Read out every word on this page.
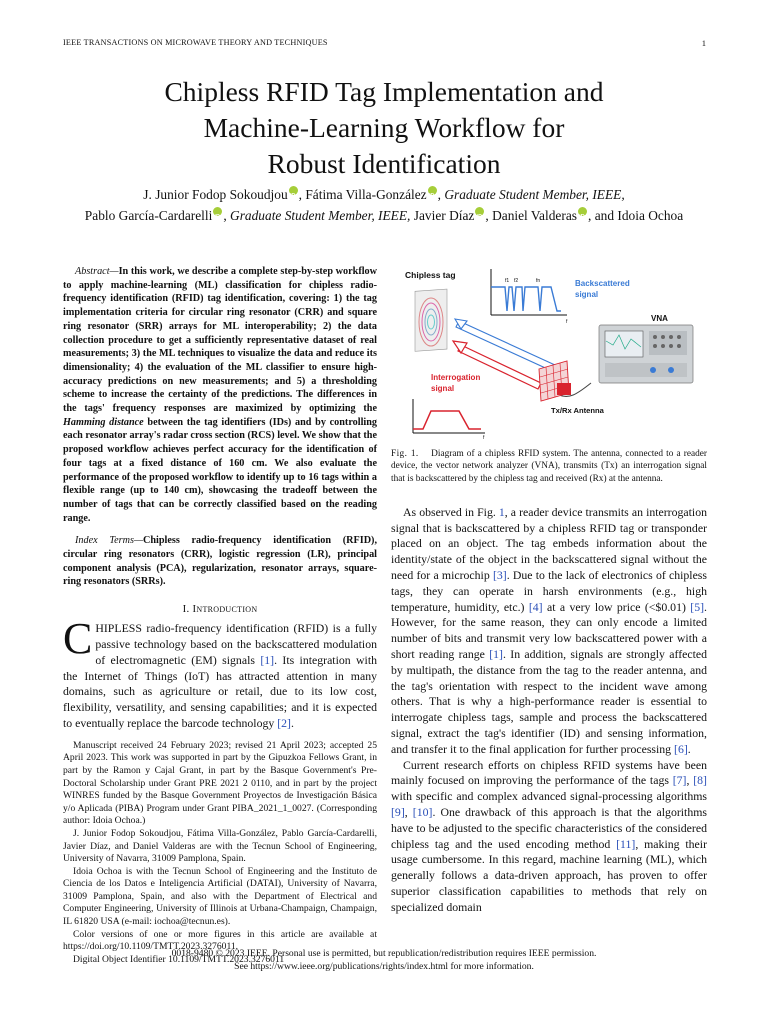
IEEE TRANSACTIONS ON MICROWAVE THEORY AND TECHNIQUES	1
Chipless RFID Tag Implementation and
Machine-Learning Workflow for
Robust Identification
J. Junior Fodop Sokoudjou iD , Fátima Villa-González iD , Graduate Student Member, IEEE,
Pablo García-Cardarelli iD , Graduate Student Member, IEEE, Javier Díaz iD , Daniel Valderas iD , and Idoia Ochoa

Abstract—In this work, we describe a complete step-by-step workflow to apply machine-learning (ML) classification for chipless radio-frequency identification (RFID) tag identification, covering: 1) the tag implementation criteria for circular ring resonator (CRR) and square ring resonator (SRR) arrays for ML interoperability; 2) the data collection procedure to get a sufficiently representative dataset of real measurements; 3) the ML techniques to visualize the data and reduce its dimensionality; 4) the evaluation of the ML classifier to ensure high-accuracy predictions on new measurements; and 5) a thresholding scheme to increase the certainty of the predictions. The differences in the tags' frequency responses are maximized by optimizing the Hamming distance between the tag identifiers (IDs) and by controlling each resonator array's radar cross section (RCS) level. We show that the proposed workflow achieves perfect accuracy for the identification of four tags at a fixed distance of 160 cm. We also evaluate the performance of the proposed workflow to identify up to 16 tags within a flexible range (up to 140 cm), showcasing the tradeoff between the number of tags that can be correctly classified based on the reading range.

Index Terms—Chipless radio-frequency identification (RFID), circular ring resonators (CRR), logistic regression (LR), principal component analysis (PCA), regularization, resonator arrays, square-ring resonators (SRRs).

I. Introduction

CHIPLESS radio-frequency identification (RFID) is a fully passive technology based on the backscattered modulation of electromagnetic (EM) signals [1]. Its integration with the Internet of Things (IoT) has attracted attention in many domains, such as agriculture or retail, due to its low cost, flexibility, versatility, and sensing capabilities; and it is expected to eventually replace the barcode technology [2].

Manuscript received 24 February 2023; revised 21 April 2023; accepted 25 April 2023. This work was supported in part by the Gipuzkoa Fellows Grant, in part by the Ramon y Cajal Grant, in part by the Basque Government's Pre-Doctoral Scholarship under Grant PRE 2021 2 0110, and in part by the project WINRES funded by the Basque Government Proyectos de Investigación Básica y/o Aplicada (PIBA) Program under Grant PIBA_2021_1_0027. (Corresponding author: Idoia Ochoa.)

J. Junior Fodop Sokoudjou, Fátima Villa-González, Pablo García-Cardarelli, Javier Díaz, and Daniel Valderas are with the Tecnun School of Engineering, University of Navarra, 31009 Pamplona, Spain.

Idoia Ochoa is with the Tecnun School of Engineering and the Instituto de Ciencia de los Datos e Inteligencia Artificial (DATAI), University of Navarra, 31009 Pamplona, Spain, and also with the Department of Electrical and Computer Engineering, University of Illinois at Urbana-Champaign, Champaign, IL 61820 USA (e-mail: iochoa@tecnun.es).

Color versions of one or more figures in this article are available at https://doi.org/10.1109/TMTT.2023.3276011.

Digital Object Identifier 10.1109/TMTT.2023.3276011

Chipless tag
f1 f2	fn
f
Backscattered
signal
VNA
Tx/Rx Antenna
Interrogation
signal
f

Fig. 1. Diagram of a chipless RFID system. The antenna, connected to a reader device, the vector network analyzer (VNA), transmits (Tx) an interrogation signal that is backscattered by the chipless tag and received (Rx) at the antenna.

As observed in Fig. 1, a reader device transmits an interrogation signal that is backscattered by a chipless RFID tag or transponder placed on an object. The tag embeds information about the identity/state of the object in the backscattered signal without the need for a microchip [3]. Due to the lack of electronics of chipless tags, they can operate in harsh environments (e.g., high temperature, humidity, etc.) [4] at a very low price (<$0.01) [5]. However, for the same reason, they can only encode a limited number of bits and transmit very low backscattered power with a short reading range [1]. In addition, signals are strongly affected by multipath, the distance from the tag to the reader antenna, and the tag's orientation with respect to the incident wave among others. That is why a high-performance reader is essential to interrogate chipless tags, sample and process the backscattered signal, extract the tag's identifier (ID) and sensing information, and transfer it to the final application for further processing [6].

Current research efforts on chipless RFID systems have been mainly focused on improving the performance of the tags [7], [8] with specific and complex advanced signal-processing algorithms [9], [10]. One drawback of this approach is that the algorithms have to be adjusted to the specific characteristics of the considered chipless tag and the used encoding method [11], making their usage cumbersome. In this regard, machine learning (ML), which generally follows a data-driven approach, has proven to offer superior classification capabilities to methods that rely on specialized domain

0018-9480 © 2023 IEEE. Personal use is permitted, but republication/redistribution requires IEEE permission.
See https://www.ieee.org/publications/rights/index.html for more information.
